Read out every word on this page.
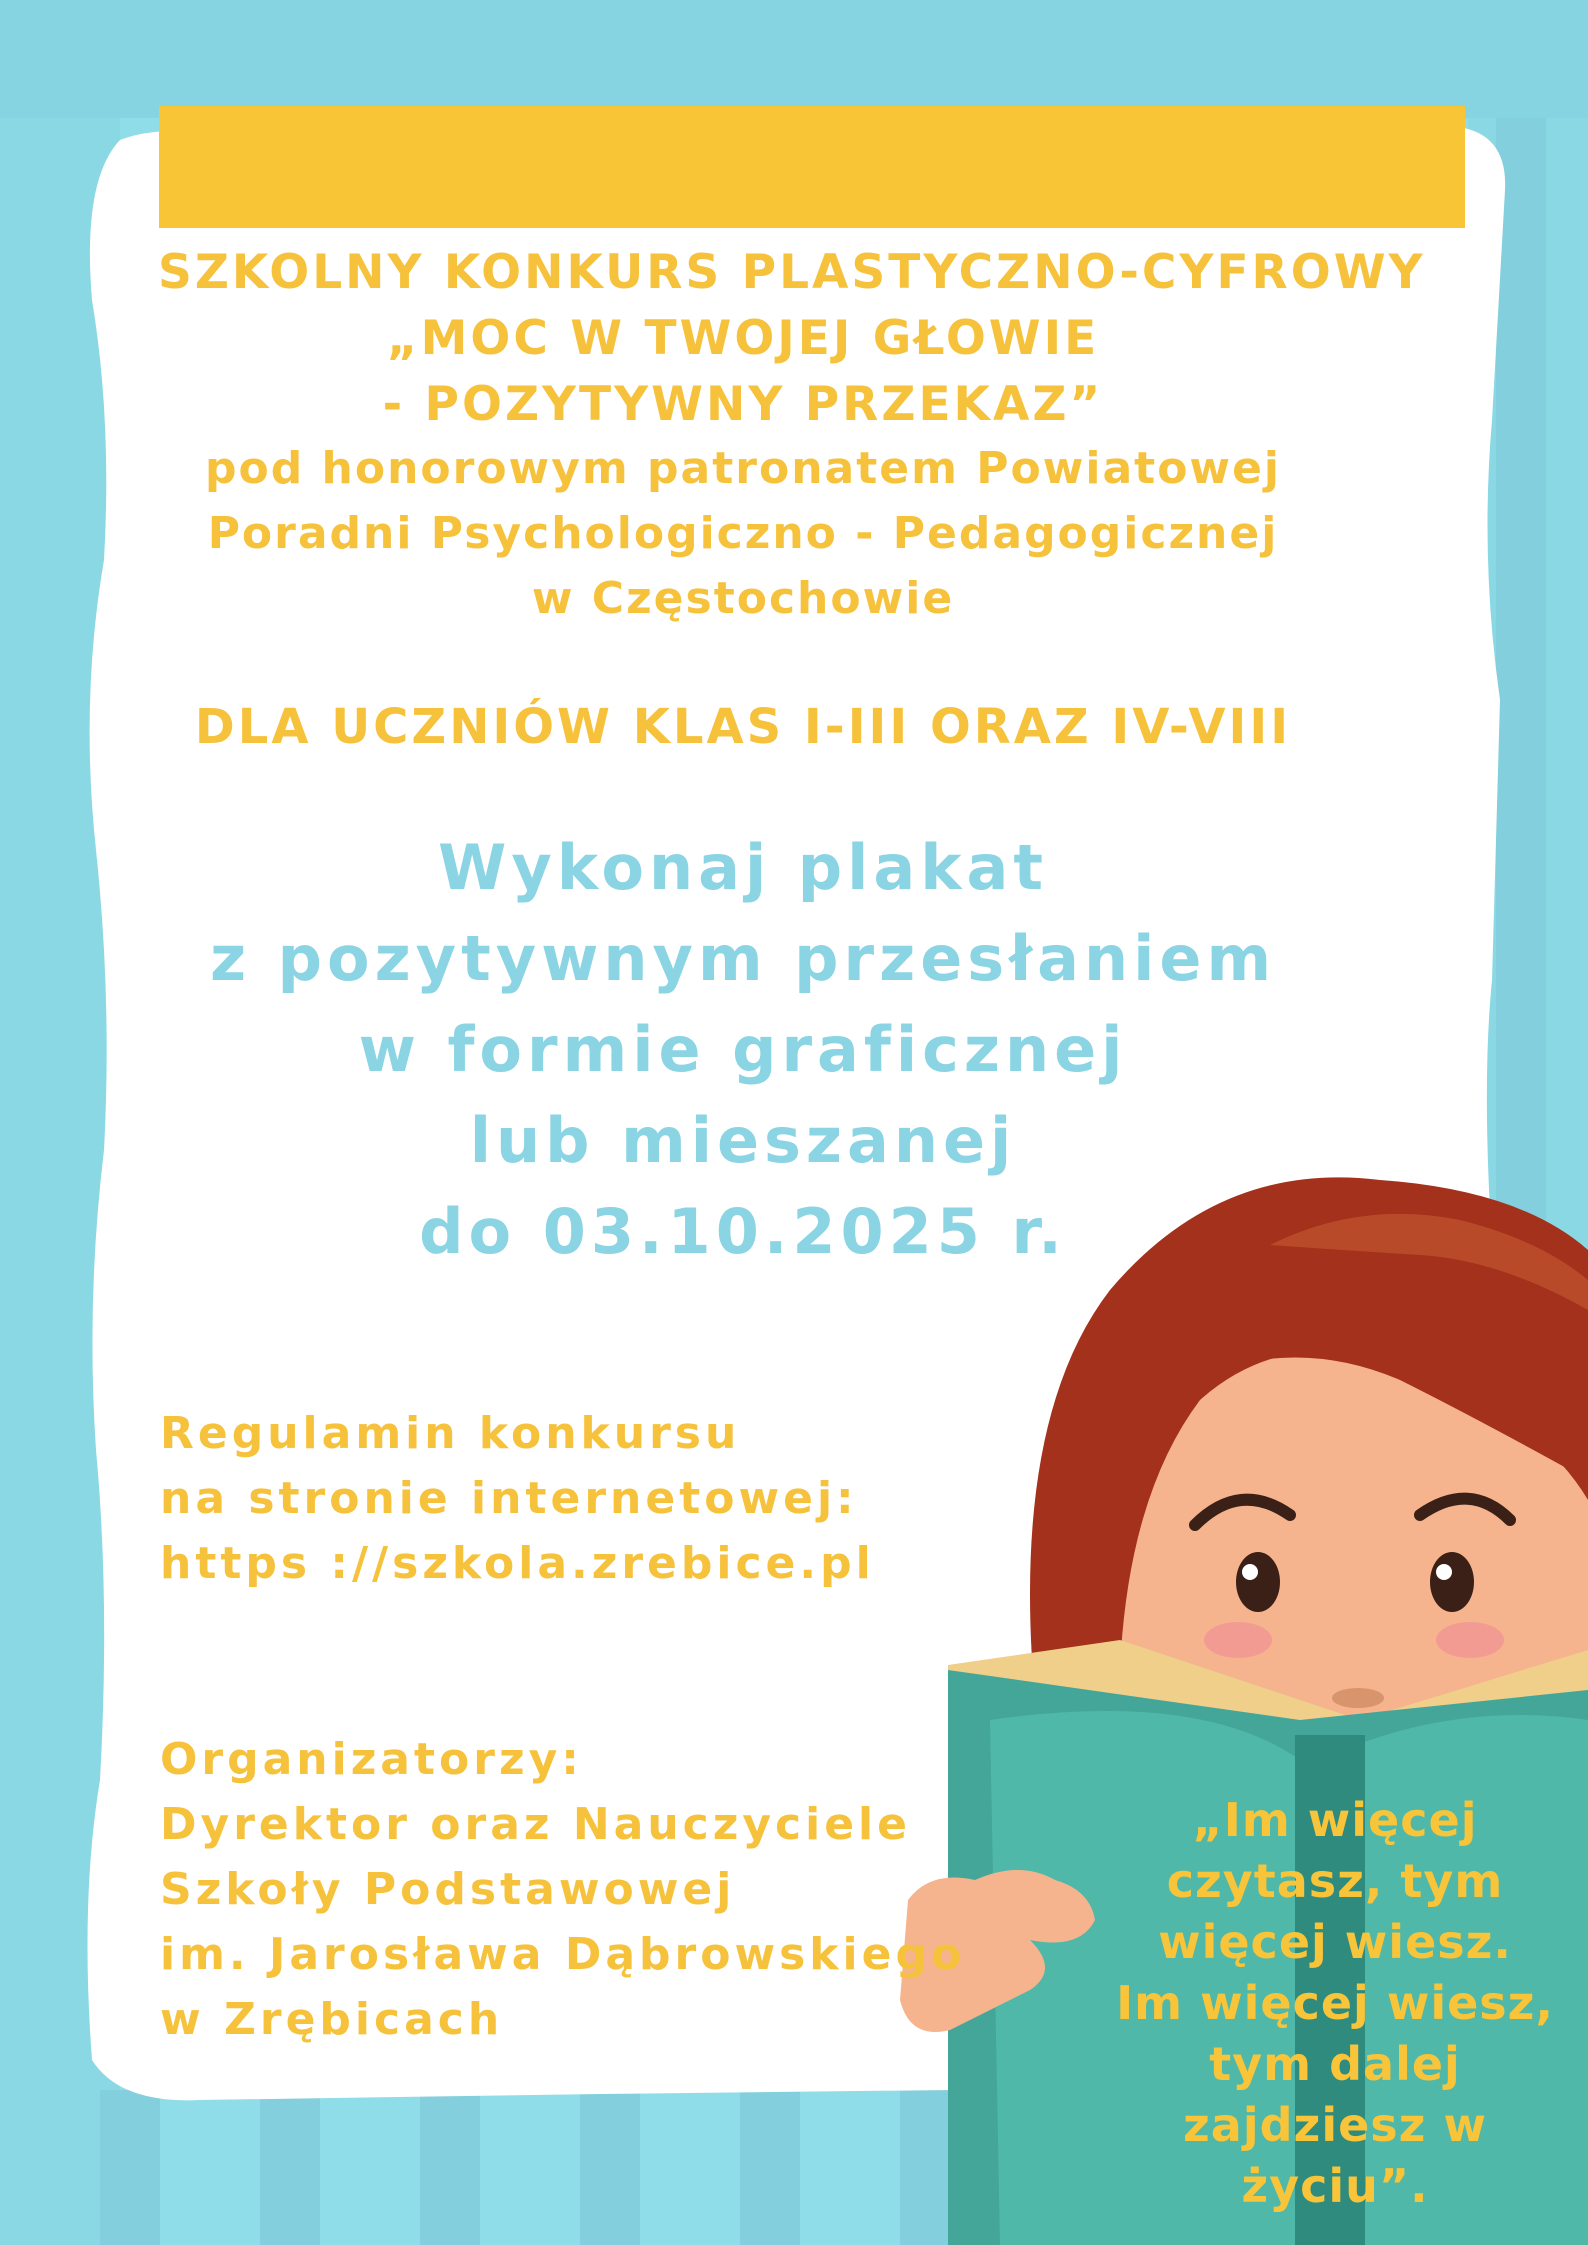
SZKOLNY KONKURS PLASTYCZNO-CYFROWY
„MOC W TWOJEJ GŁOWIE
- POZYTYWNY PRZEKAZ”
pod honorowym patronatem Powiatowej
Poradni Psychologiczno - Pedagogicznej
w Częstochowie
DLA UCZNIÓW KLAS I-III ORAZ IV-VIII
Wykonaj plakat
z pozytywnym przesłaniem
w formie graficznej
lub mieszanej
do 03.10.2025 r.
Regulamin konkursu
na stronie internetowej:
https ://szkola.zrebice.pl
„Im więcej
czytasz, tym
więcej wiesz.
Im więcej wiesz,
tym dalej
zajdziesz w życiu”.
Organizatorzy:
Dyrektor oraz Nauczyciele
Szkoły Podstawowej
im. Jarosława Dąbrowskiego
w Zrębicach
